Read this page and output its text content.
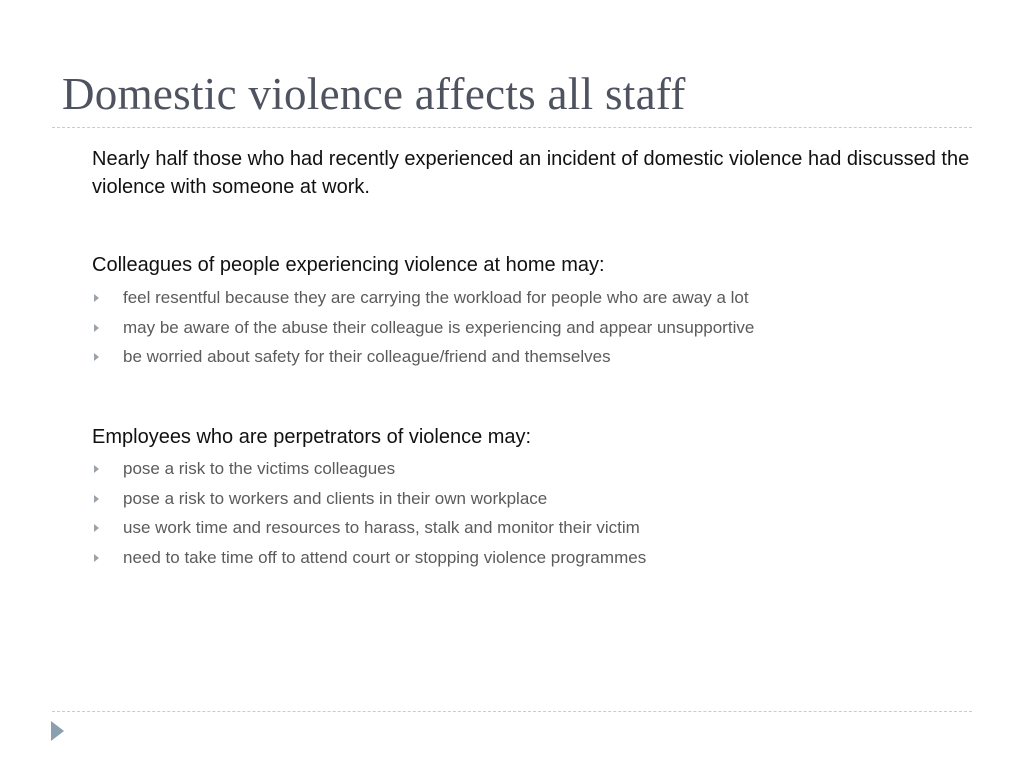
Domestic violence affects all staff
Nearly half those who had recently experienced an incident of domestic violence had discussed the violence with someone at work.
Colleagues of people experiencing violence at home may:
feel resentful because they are carrying the workload for people who are away a lot
may be aware of the abuse their colleague is experiencing and appear unsupportive
be worried about safety for their colleague/friend and themselves
Employees who are perpetrators of violence may:
pose a risk to the victims colleagues
pose a risk to workers and clients in their own workplace
use work time and resources to harass, stalk and monitor their victim
need to take time off to attend court or stopping violence programmes
